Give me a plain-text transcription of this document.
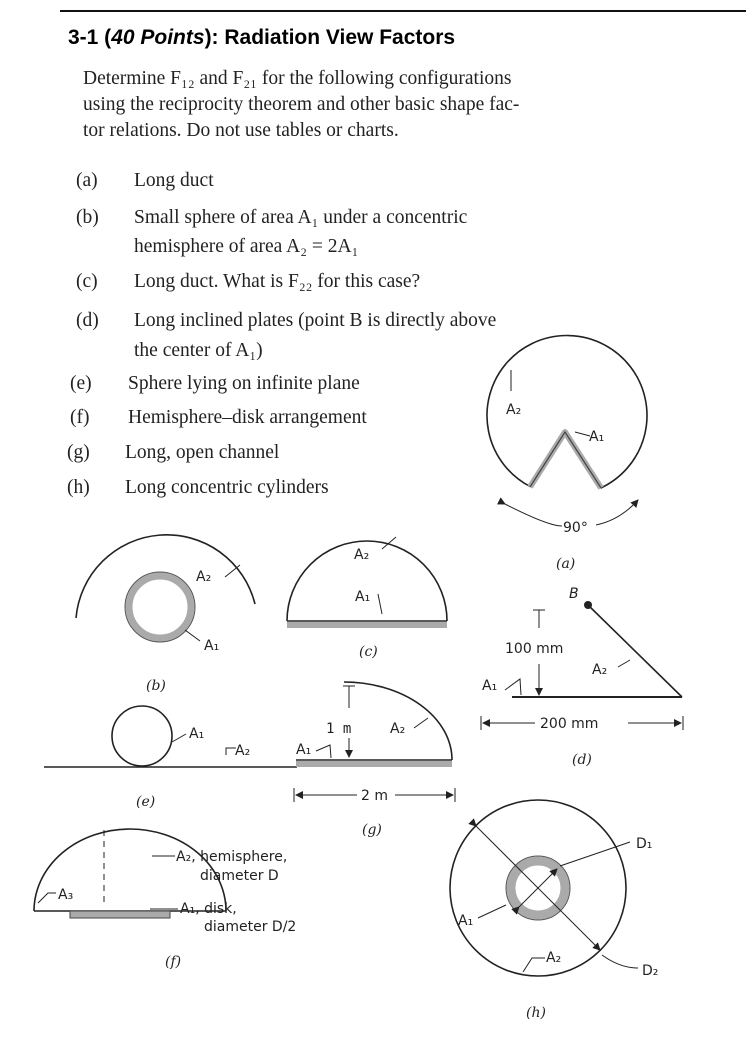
3-1 (40 Points): Radiation View Factors
Determine F₁₂ and F₂₁ for the following configurations
using the reciprocity theorem and other basic shape fac-
tor relations. Do not use tables or charts.
(a) Long duct
(b) Small sphere of area A₁ under a concentric
hemisphere of area A₂ = 2A₁
(c) Long duct. What is F₂₂ for this case?
(d) Long inclined plates (point B is directly above
the center of A₁)
(e) Sphere lying on infinite plane
(f) Hemisphere–disk arrangement
(g) Long, open channel
(h) Long concentric cylinders
A₂
A₁
90°
(a)
A₂
A₁
(b)
A₂
A₁
(c)
B
100 mm
A₂
A₁
200 mm
(d)
A₁
A₂
(e)
1 m	A₂
A₁
2 m
(g)
A₃
A₂, hemisphere,
diameter D
A₁, disk,
diameter D/2
(f)
D₁
D₂
A₁
A₂
(h)
